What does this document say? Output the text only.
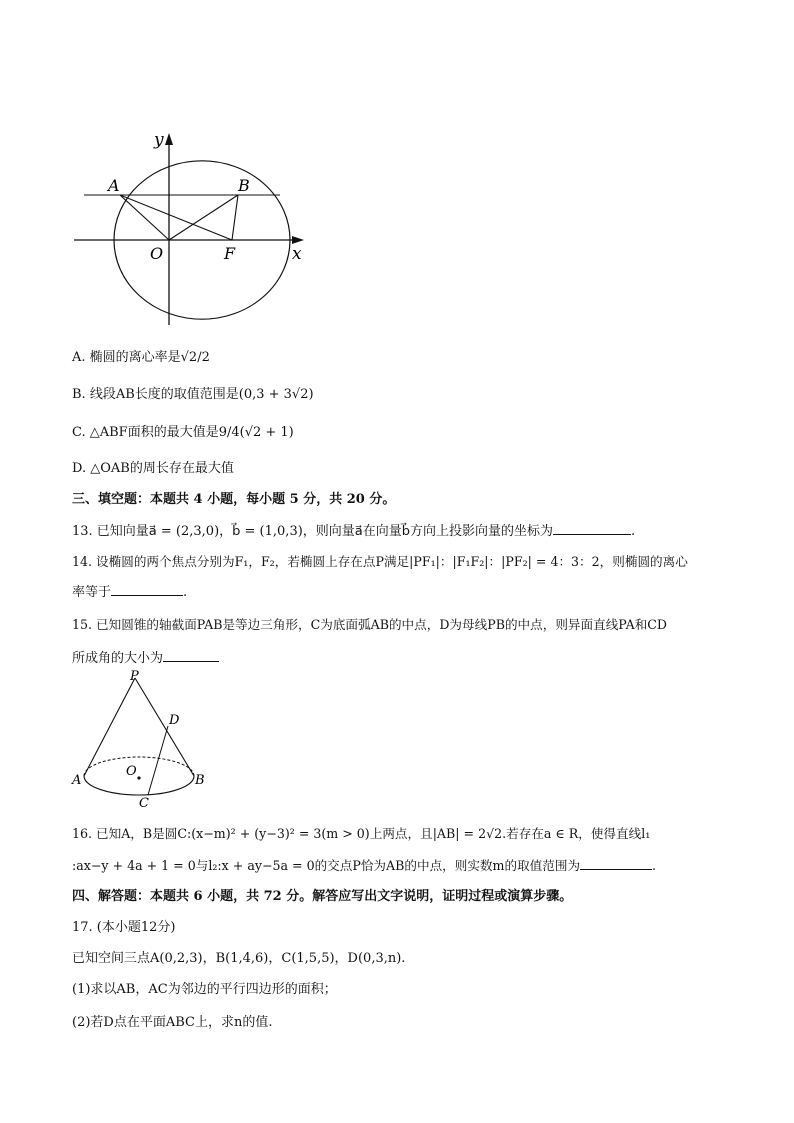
y
x
A	B
O	F
A. 椭圆的离心率是√2/2
B. 线段AB长度的取值范围是(0,3 + 3√2)
C. △ABF面积的最大值是9/4(√2 + 1)
D. △OAB的周长存在最大值
三、填空题：本题共 4 小题，每小题 5 分，共 20 分。
13. 已知向量a⃗ = (2,3,0)，b⃗ = (1,0,3)，则向量a⃗在向量b⃗方向上投影向量的坐标为	.
14. 设椭圆的两个焦点分别为F₁，F₂，若椭圆上存在点P满足|PF₁|：|F₁F₂|：|PF₂| = 4：3：2，则椭圆的离心
率等于	.
15. 已知圆锥的轴截面PAB是等边三角形，C为底面弧AB的中点，D为母线PB的中点，则异面直线PA和CD
所成角的大小为
P
D
O
A	B
C
16. 已知A，B是圆C:(x−m)² + (y−3)² = 3(m > 0)上两点，且|AB| = 2√2.若存在a ∈ R，使得直线l₁
:ax−y + 4a + 1 = 0与l₂:x + ay−5a = 0的交点P恰为AB的中点，则实数m的取值范围为	.
四、解答题：本题共 6 小题，共 72 分。解答应写出文字说明，证明过程或演算步骤。
17. (本小题12分)
已知空间三点A(0,2,3)，B(1,4,6)，C(1,5,5)，D(0,3,n).
(1)求以AB，AC为邻边的平行四边形的面积；
(2)若D点在平面ABC上，求n的值.
